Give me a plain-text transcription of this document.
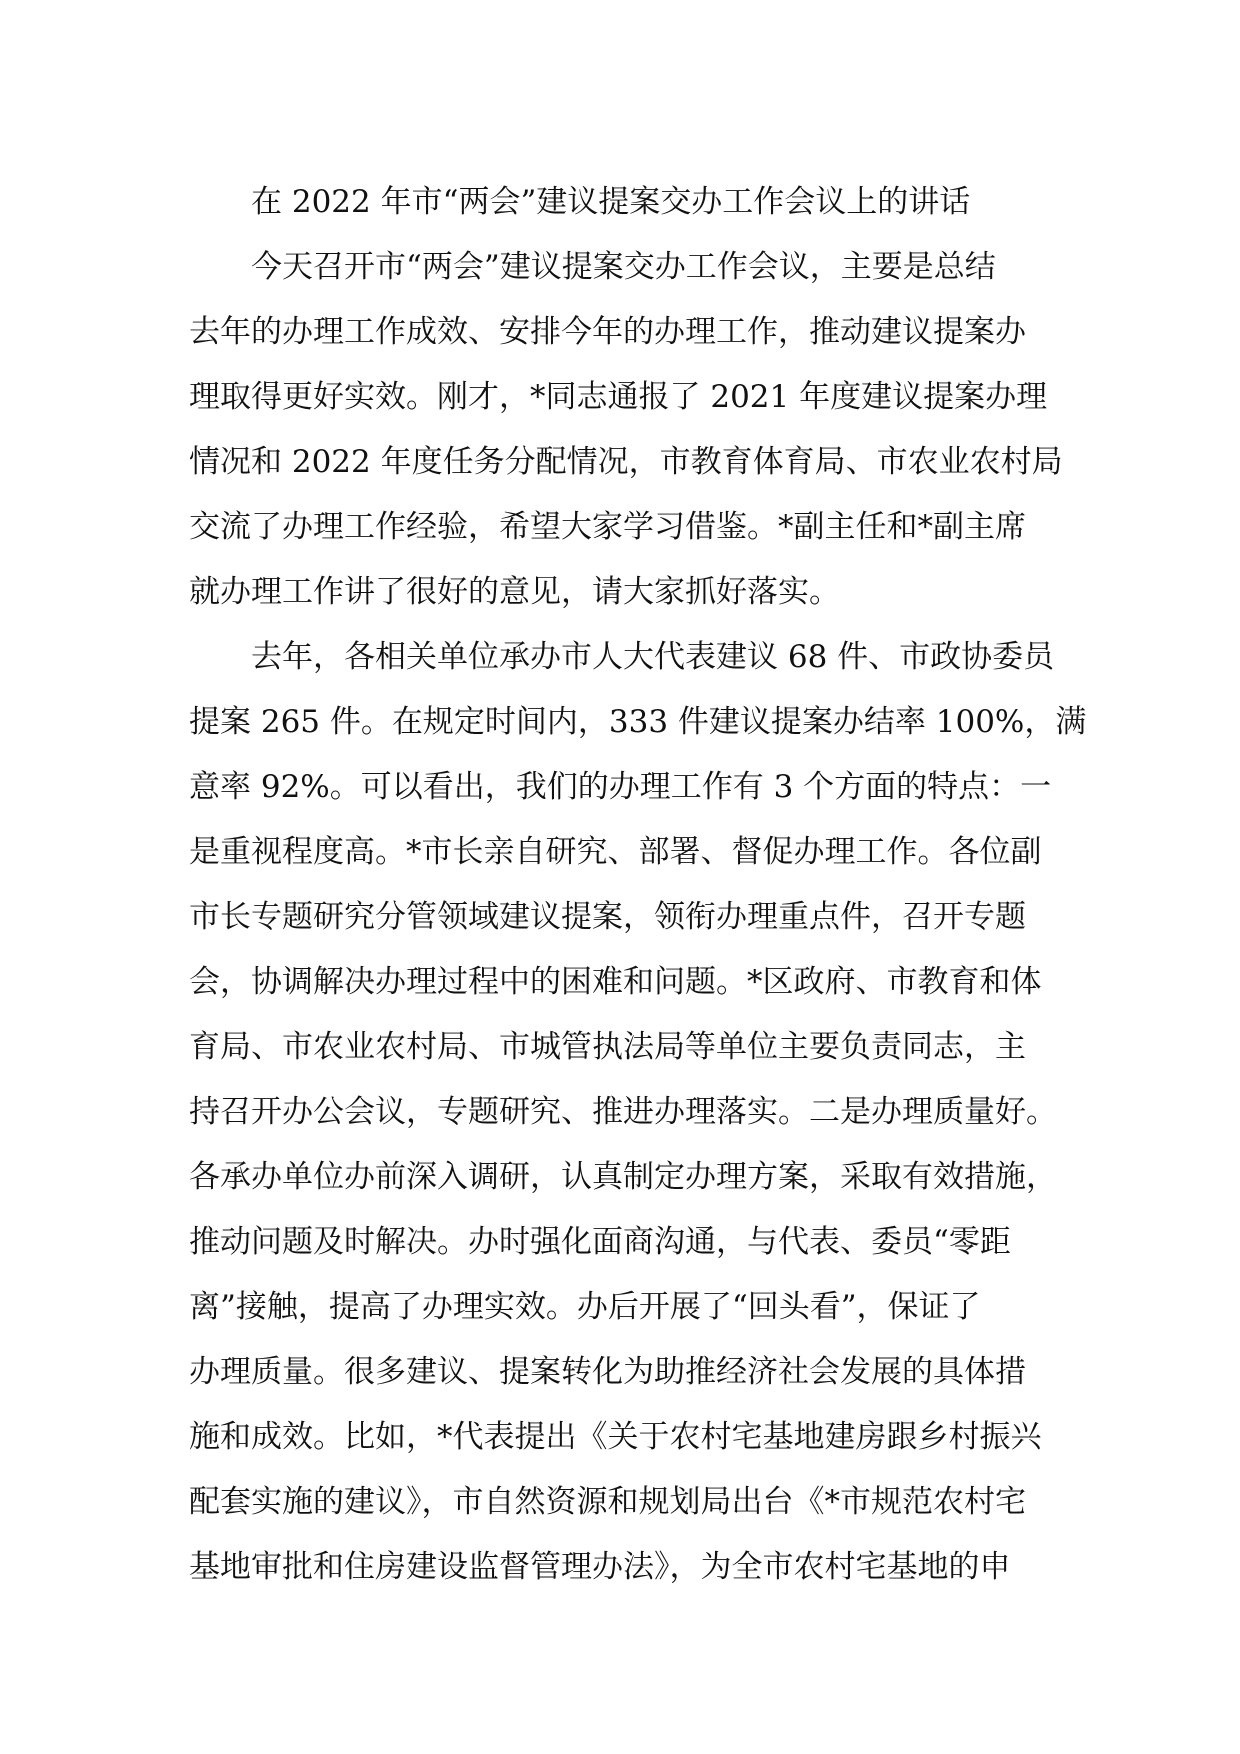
在 2022 年市“两会”建议提案交办工作会议上的讲话
今天召开市“两会”建议提案交办工作会议，主要是总结
去年的办理工作成效、安排今年的办理工作，推动建议提案办
理取得更好实效。刚才，*同志通报了 2021 年度建议提案办理
情况和 2022 年度任务分配情况，市教育体育局、市农业农村局
交流了办理工作经验，希望大家学习借鉴。*副主任和*副主席
就办理工作讲了很好的意见，请大家抓好落实。
去年，各相关单位承办市人大代表建议 68 件、市政协委员
提案 265 件。在规定时间内，333 件建议提案办结率 100%，满
意率 92%。可以看出，我们的办理工作有 3 个方面的特点：一
是重视程度高。*市长亲自研究、部署、督促办理工作。各位副
市长专题研究分管领域建议提案，领衔办理重点件，召开专题
会，协调解决办理过程中的困难和问题。*区政府、市教育和体
育局、市农业农村局、市城管执法局等单位主要负责同志，主
持召开办公会议，专题研究、推进办理落实。二是办理质量好。
各承办单位办前深入调研，认真制定办理方案，采取有效措施，
推动问题及时解决。办时强化面商沟通，与代表、委员“零距
离”接触，提高了办理实效。办后开展了“回头看”，保证了
办理质量。很多建议、提案转化为助推经济社会发展的具体措
施和成效。比如，*代表提出《关于农村宅基地建房跟乡村振兴
配套实施的建议》，市自然资源和规划局出台《*市规范农村宅
基地审批和住房建设监督管理办法》，为全市农村宅基地的申
